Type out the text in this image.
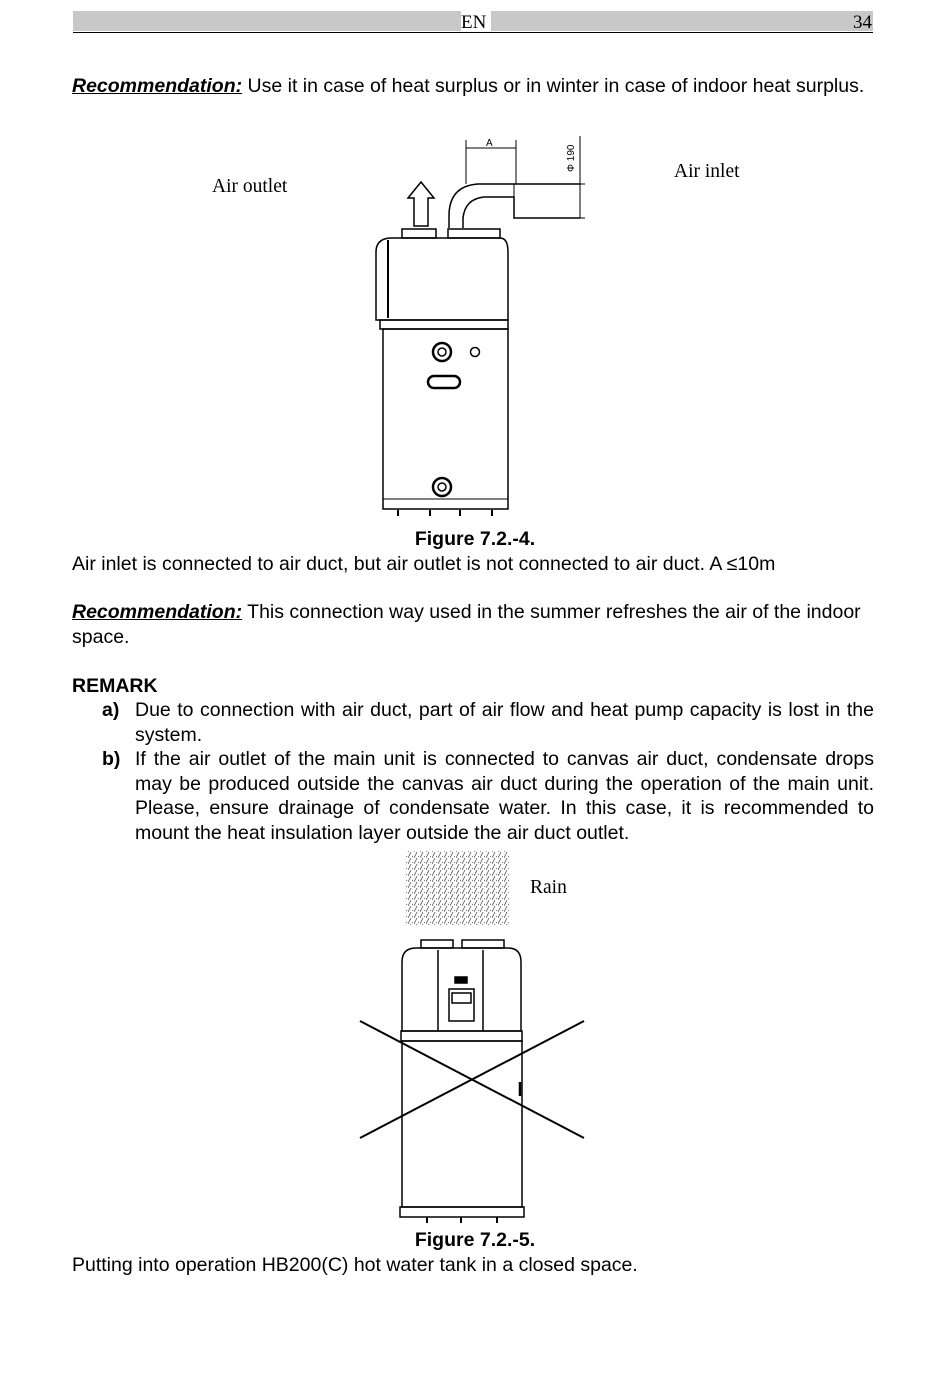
EN	34

Recommendation: Use it in case of heat surplus or in winter in case of indoor heat surplus.

A
Φ 190
Air outlet
Air inlet
Figure 7.2.-4.

Air inlet is connected to air duct, but air outlet is not connected to air duct. A ≤10m

Recommendation: This connection way used in the summer refreshes the air of the indoor space.

REMARK
a) Due to connection with air duct, part of air flow and heat pump capacity is lost in the system.
b) If the air outlet of the main unit is connected to canvas air duct, condensate drops may be produced outside the canvas air duct during the operation of the main unit. Please, ensure drainage of condensate water. In this case, it is recommended to mount the heat insulation layer outside the air duct outlet.
Rain
Figure 7.2.-5.

Putting into operation HB200(C) hot water tank in a closed space.
